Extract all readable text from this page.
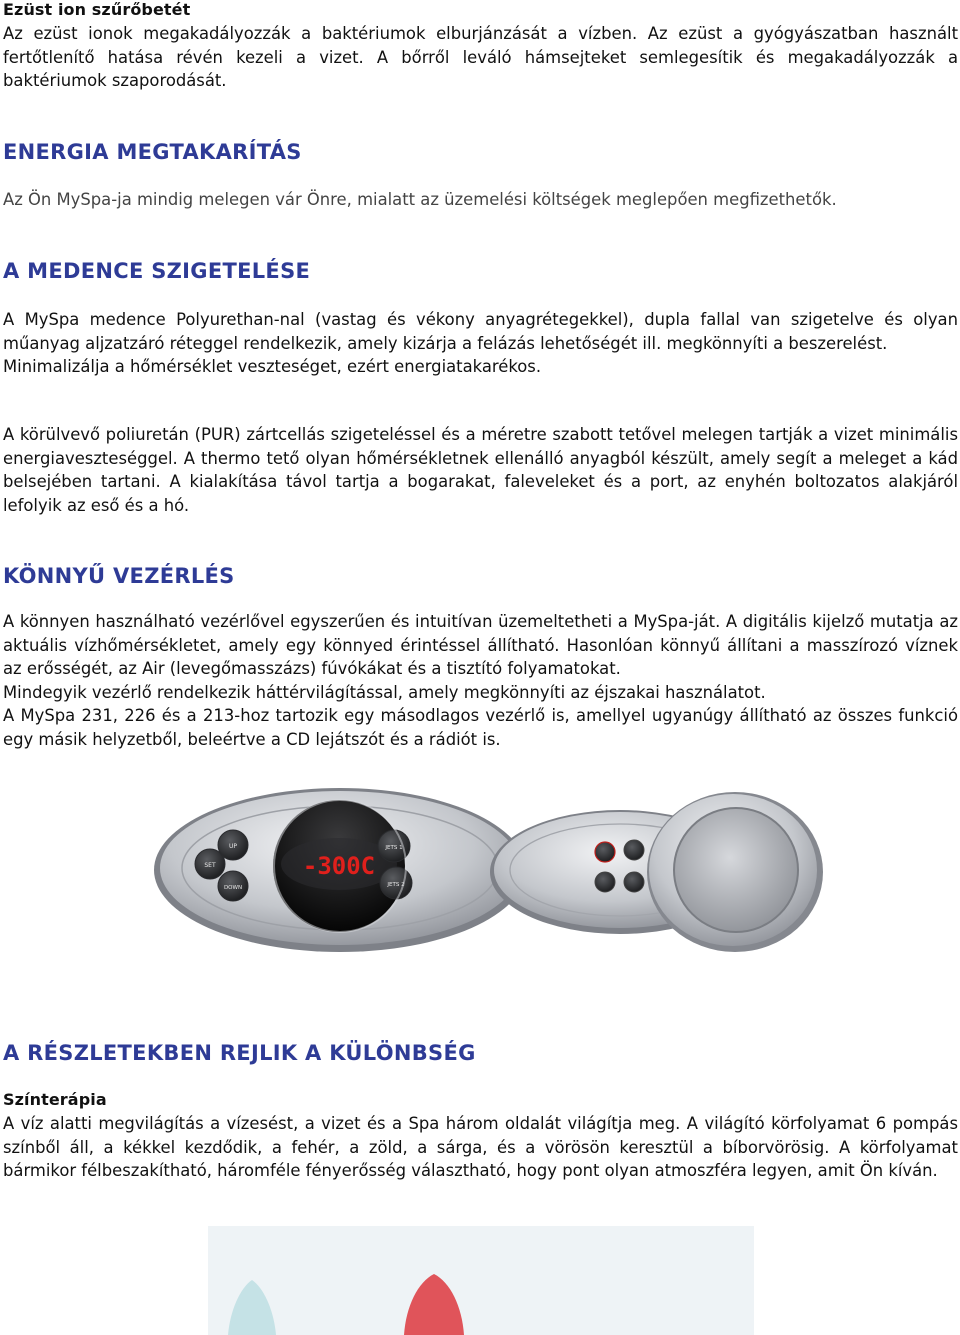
Ezüst ion szűrőbetét

Az ezüst ionok megakadályozzák a baktériumok elburjánzását a vízben. Az ezüst a gyógyászatban használt fertőtlenítő hatása révén kezeli a vizet. A bőrről leváló hámsejteket semlegesítik és megakadályozzák a baktériumok szaporodását.

ENERGIA MEGTAKARÍTÁS

Az Ön MySpa-ja mindig melegen vár Önre, mialatt az üzemelési költségek meglepően megfizethetők.

A MEDENCE SZIGETELÉSE

A MySpa medence Polyurethan-nal (vastag és vékony anyagrétegekkel), dupla fallal van szigetelve és olyan műanyag aljzatzáró réteggel rendelkezik, amely kizárja a felázás lehetőségét ill. megkönnyíti a beszerelést.

Minimalizálja a hőmérséklet veszteséget, ezért energiatakarékos.

A körülvevő poliuretán (PUR) zártcellás szigeteléssel és a méretre szabott tetővel melegen tartják a vizet minimális energiaveszteséggel. A thermo tető olyan hőmérsékletnek ellenálló anyagból készült, amely segít a meleget a kád belsejében tartani. A kialakítása távol tartja a bogarakat, faleveleket és a port, az enyhén boltozatos alakjáról lefolyik az eső és a hó.

KÖNNYŰ VEZÉRLÉS

A könnyen használható vezérlővel egyszerűen és intuitívan üzemeltetheti a MySpa-ját. A digitális kijelző mutatja az aktuális vízhőmérsékletet, amely egy könnyed érintéssel állítható. Hasonlóan könnyű állítani a masszírozó víznek az erősségét, az Air (levegőmasszázs) fúvókákat és a tisztító folyamatokat.

Mindegyik vezérlő rendelkezik háttérvilágítással, amely megkönnyíti az éjszakai használatot.

A MySpa 231, 226 és a 213-hoz tartozik egy másodlagos vezérlő is, amellyel ugyanúgy állítható az összes funkció egy másik helyzetből, beleértve a CD lejátszót és a rádiót is.

-300C
SET
UP
DOWN
JETS 1
JETS 2
A RÉSZLETEKBEN REJLIK A KÜLÖNBSÉG
Színterápia

A víz alatti megvilágítás a vízesést, a vizet és a Spa három oldalát világítja meg. A világító körfolyamat 6 pompás színből áll, a kékkel kezdődik, a fehér, a zöld, a sárga, és a vörösön keresztül a bíborvörösig. A körfolyamat bármikor félbeszakítható, háromféle fényerősség választható, hogy pont olyan atmoszféra legyen, amit Ön kíván.
